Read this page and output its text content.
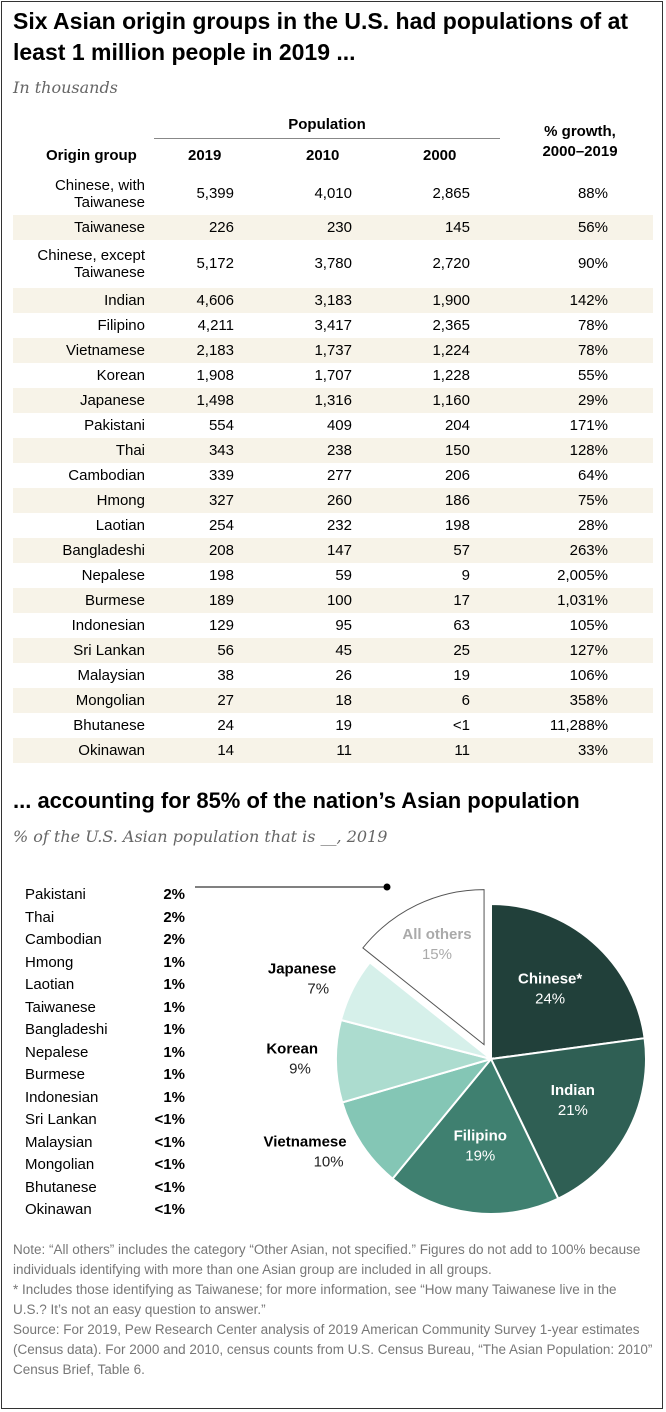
Six Asian origin groups in the U.S. had populations of at least 1 million people in 2019 ...
In thousands
Population	% growth,
2000–2019
Origin group	2019	2010	2000
Chinese, with Taiwanese	5,399	4,010	2,865	88%
Taiwanese	226	230	145	56%
Chinese, except Taiwanese	5,172	3,780	2,720	90%
Indian	4,606	3,183	1,900	142%
Filipino	4,211	3,417	2,365	78%
Vietnamese	2,183	1,737	1,224	78%
Korean	1,908	1,707	1,228	55%
Japanese	1,498	1,316	1,160	29%
Pakistani	554	409	204	171%
Thai	343	238	150	128%
Cambodian	339	277	206	64%
Hmong	327	260	186	75%
Laotian	254	232	198	28%
Bangladeshi	208	147	57	263%
Nepalese	198	59	9	2,005%
Burmese	189	100	17	1,031%
Indonesian	129	95	63	105%
Sri Lankan	56	45	25	127%
Malaysian	38	26	19	106%
Mongolian	27	18	6	358%
Bhutanese	24	19	<1	11,288%
Okinawan	14	11	11	33%
... accounting for 85% of the nation’s Asian population
% of the U.S. Asian population that is __, 2019
Pakistani	2%
Thai	2%
Cambodian	2%
Hmong	1%
Laotian	1%
Taiwanese	1%
Bangladeshi	1%
Nepalese	1%
Burmese	1%
Indonesian	1%
Sri Lankan	<1%
Malaysian	<1%
Mongolian	<1%
Bhutanese	<1%
Okinawan	<1%
Chinese*
24%
Indian
21%
Filipino
19%
Vietnamese
10%
Korean
9%
Japanese
7%
All others
15%

Note: “All others” includes the category “Other Asian, not specified.” Figures do not add to 100% because individuals identifying with more than one Asian group are included in all groups.

* Includes those identifying as Taiwanese; for more information, see “How many Taiwanese live in the U.S.? It’s not an easy question to answer.”

Source: For 2019, Pew Research Center analysis of 2019 American Community Survey 1-year estimates (Census data). For 2000 and 2010, census counts from U.S. Census Bureau, “The Asian Population: 2010” Census Brief, Table 6.
